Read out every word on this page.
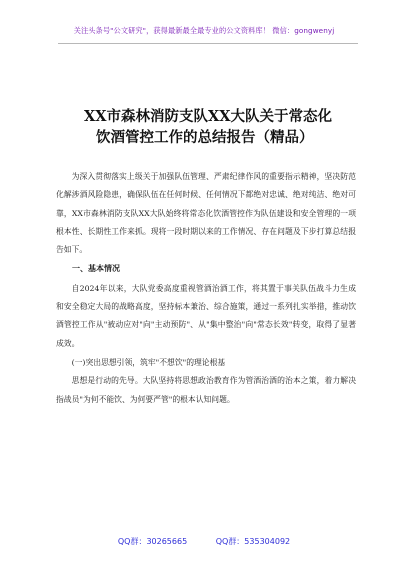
关注头条号"公文研究"，获得最新最全最专业的公文资料库！ 微信：gongwenyj
XX市森林消防支队XX大队关于常态化
饮酒管控工作的总结报告（精品）

为深入贯彻落实上级关于加强队伍管理、严肃纪律作风的重要指示精神，坚决防范化解涉酒风险隐患，确保队伍在任何时候、任何情况下都绝对忠诚、绝对纯洁、绝对可靠，XX市森林消防支队XX大队始终将常态化饮酒管控作为队伍建设和安全管理的一项根本性、长期性工作来抓。现将一段时期以来的工作情况、存在问题及下步打算总结报告如下。

一、基本情况

自2024年以来，大队党委高度重视管酒治酒工作，将其置于事关队伍战斗力生成和安全稳定大局的战略高度，坚持标本兼治、综合施策，通过一系列扎实举措，推动饮酒管控工作从"被动应对"向"主动预防"、从"集中整治"向"常态长效"转变，取得了显著成效。

(一)突出思想引领，筑牢"不想饮"的理论根基

思想是行动的先导。大队坚持将思想政治教育作为管酒治酒的治本之策，着力解决指战员"为何不能饮、为何要严管"的根本认知问题。

QQ群：30265665	QQ群：535304092
